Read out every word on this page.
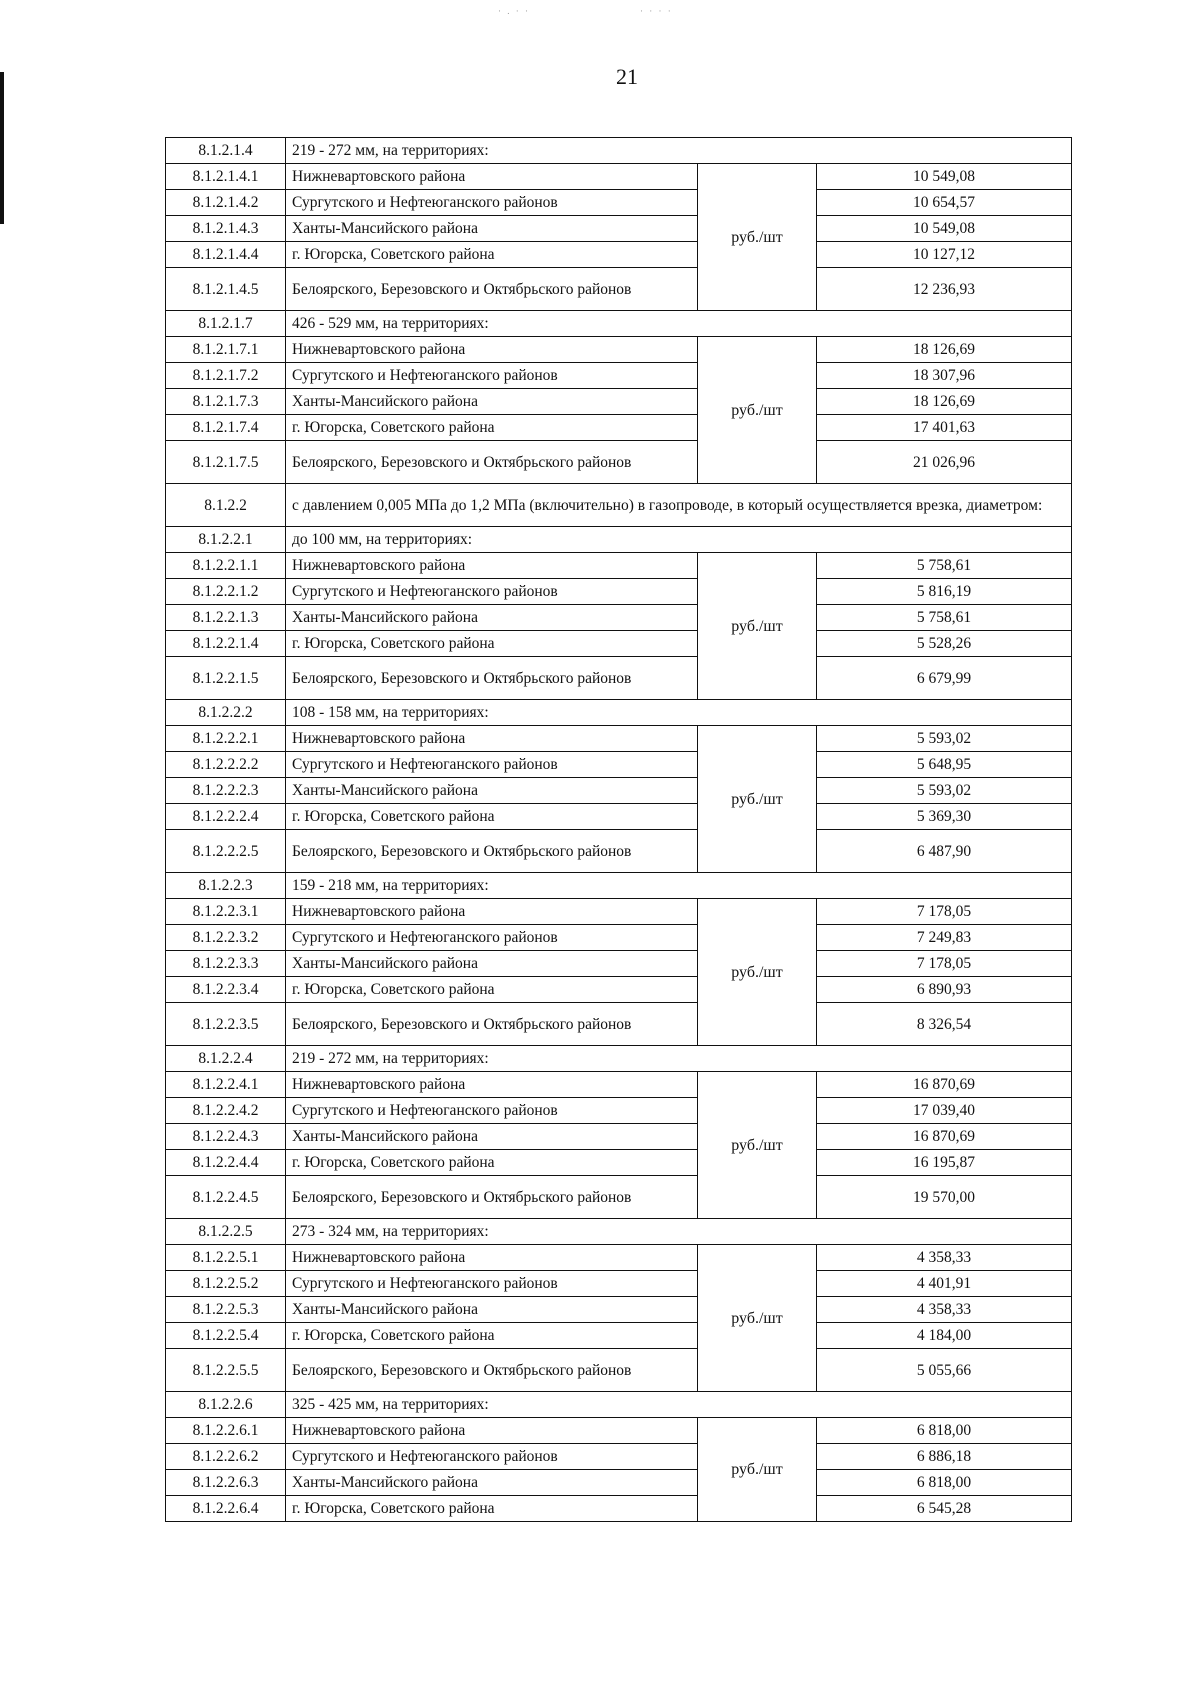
· . · ·	· · · ·
21
8.1.2.1.4	219 - 272 мм, на территориях:		
8.1.2.1.4.1	Нижневартовского района	руб./шт	10 549,08
8.1.2.1.4.2	Сургутского и Нефтеюганского районов		10 654,57
8.1.2.1.4.3	Ханты-Мансийского района		10 549,08
8.1.2.1.4.4	г. Югорска, Советского района		10 127,12
8.1.2.1.4.5	Белоярского, Березовского и Октябрьского районов		12 236,93
8.1.2.1.7	426 - 529 мм, на территориях:		
8.1.2.1.7.1	Нижневартовского района	руб./шт	18 126,69
8.1.2.1.7.2	Сургутского и Нефтеюганского районов		18 307,96
8.1.2.1.7.3	Ханты-Мансийского района		18 126,69
8.1.2.1.7.4	г. Югорска, Советского района		17 401,63
8.1.2.1.7.5	Белоярского, Березовского и Октябрьского районов		21 026,96
8.1.2.2	с давлением 0,005 МПа до 1,2 МПа (включительно) в газопроводе, в который осуществляется врезка, диаметром:		
8.1.2.2.1	до 100 мм, на территориях:		
8.1.2.2.1.1	Нижневартовского района	руб./шт	5 758,61
8.1.2.2.1.2	Сургутского и Нефтеюганского районов		5 816,19
8.1.2.2.1.3	Ханты-Мансийского района		5 758,61
8.1.2.2.1.4	г. Югорска, Советского района		5 528,26
8.1.2.2.1.5	Белоярского, Березовского и Октябрьского районов		6 679,99
8.1.2.2.2	108 - 158 мм, на территориях:		
8.1.2.2.2.1	Нижневартовского района	руб./шт	5 593,02
8.1.2.2.2.2	Сургутского и Нефтеюганского районов		5 648,95
8.1.2.2.2.3	Ханты-Мансийского района		5 593,02
8.1.2.2.2.4	г. Югорска, Советского района		5 369,30
8.1.2.2.2.5	Белоярского, Березовского и Октябрьского районов		6 487,90
8.1.2.2.3	159 - 218 мм, на территориях:		
8.1.2.2.3.1	Нижневартовского района	руб./шт	7 178,05
8.1.2.2.3.2	Сургутского и Нефтеюганского районов		7 249,83
8.1.2.2.3.3	Ханты-Мансийского района		7 178,05
8.1.2.2.3.4	г. Югорска, Советского района		6 890,93
8.1.2.2.3.5	Белоярского, Березовского и Октябрьского районов		8 326,54
8.1.2.2.4	219 - 272 мм, на территориях:		
8.1.2.2.4.1	Нижневартовского района	руб./шт	16 870,69
8.1.2.2.4.2	Сургутского и Нефтеюганского районов		17 039,40
8.1.2.2.4.3	Ханты-Мансийского района		16 870,69
8.1.2.2.4.4	г. Югорска, Советского района		16 195,87
8.1.2.2.4.5	Белоярского, Березовского и Октябрьского районов		19 570,00
8.1.2.2.5	273 - 324 мм, на территориях:		
8.1.2.2.5.1	Нижневартовского района	руб./шт	4 358,33
8.1.2.2.5.2	Сургутского и Нефтеюганского районов		4 401,91
8.1.2.2.5.3	Ханты-Мансийского района		4 358,33
8.1.2.2.5.4	г. Югорска, Советского района		4 184,00
8.1.2.2.5.5	Белоярского, Березовского и Октябрьского районов		5 055,66
8.1.2.2.6	325 - 425 мм, на территориях:		
8.1.2.2.6.1	Нижневартовского района	руб./шт	6 818,00
8.1.2.2.6.2	Сургутского и Нефтеюганского районов		6 886,18
8.1.2.2.6.3	Ханты-Мансийского района		6 818,00
8.1.2.2.6.4	г. Югорска, Советского района		6 545,28
